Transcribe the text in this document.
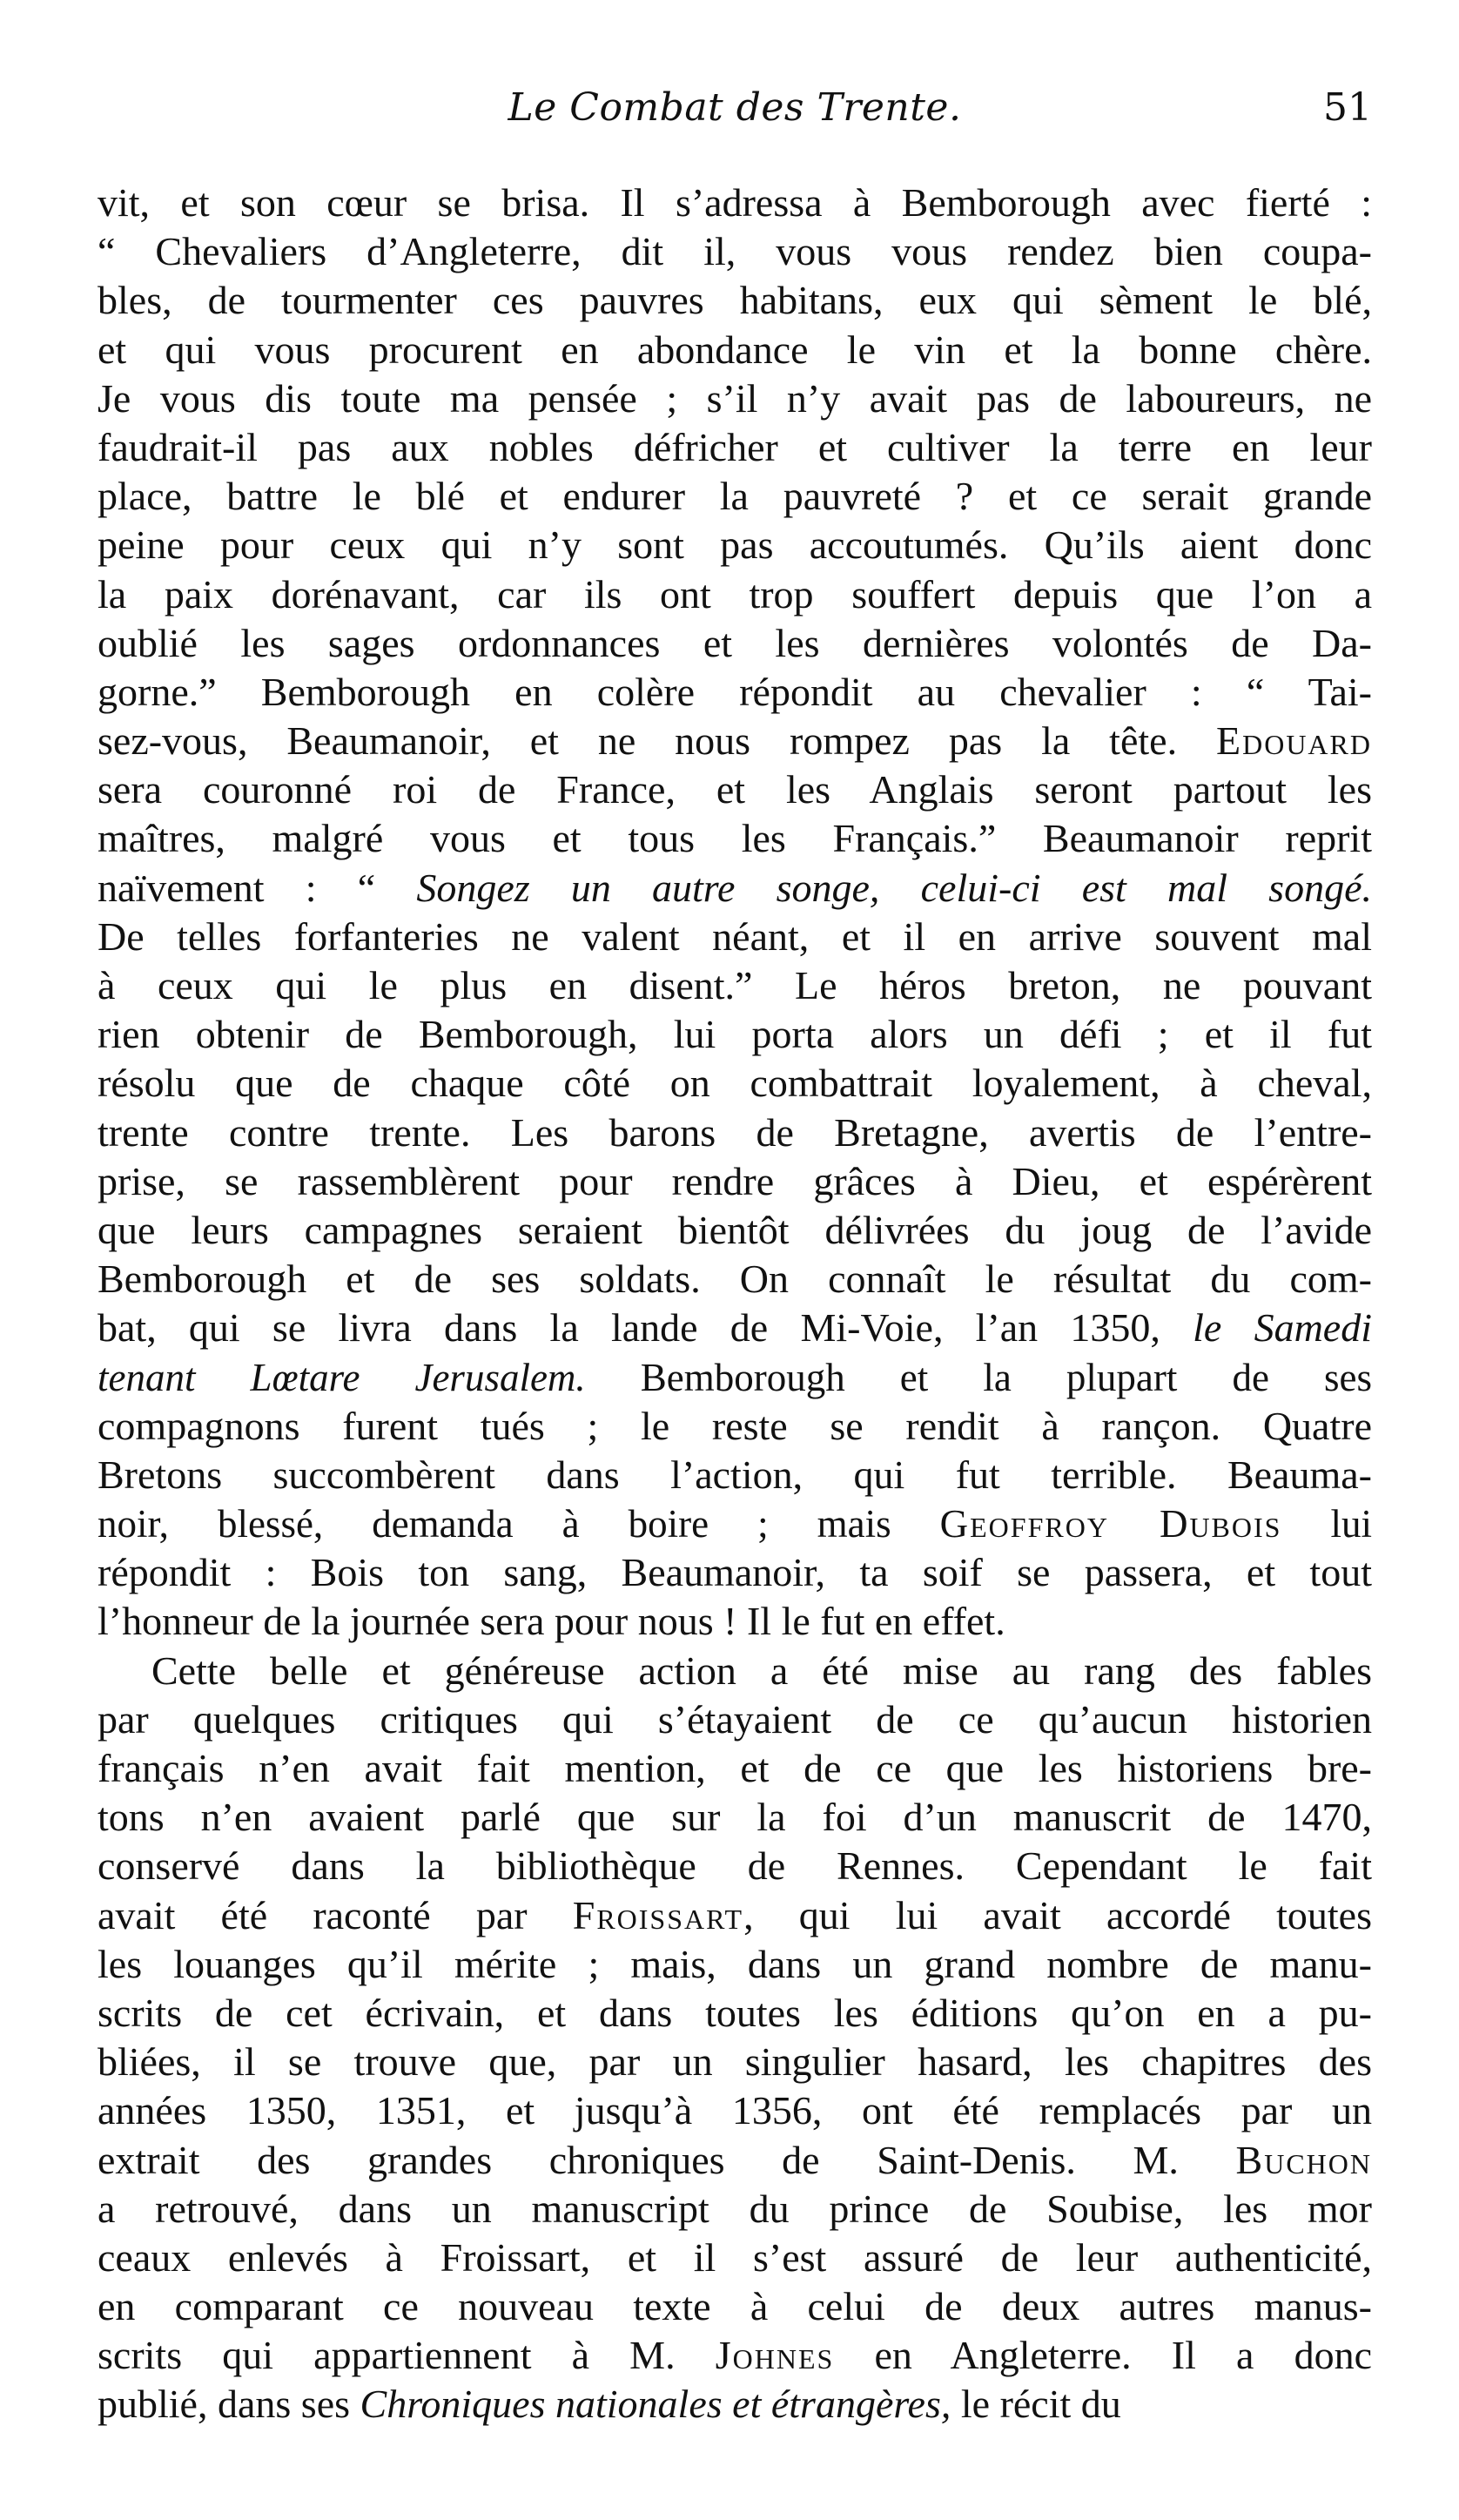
Le Combat des Trente.	51
vit, et son cœur se brisa. Il s’adressa à Bemborough avec fierté :
“ Chevaliers d’Angleterre, dit il, vous vous rendez bien coupa-
bles, de tourmenter ces pauvres habitans, eux qui sèment le blé,
et qui vous procurent en abondance le vin et la bonne chère.
Je vous dis toute ma pensée ; s’il n’y avait pas de laboureurs, ne
faudrait-il pas aux nobles défricher et cultiver la terre en leur
place, battre le blé et endurer la pauvreté ? et ce serait grande
peine pour ceux qui n’y sont pas accoutumés. Qu’ils aient donc
la paix dorénavant, car ils ont trop souffert depuis que l’on a
oublié les sages ordonnances et les dernières volontés de Da-
gorne.” Bemborough en colère répondit au chevalier : “ Tai-
sez-vous, Beaumanoir, et ne nous rompez pas la tête. Edouard
sera couronné roi de France, et les Anglais seront partout les
maîtres, malgré vous et tous les Français.” Beaumanoir reprit
naïvement : “ Songez un autre songe, celui-ci est mal songé.
De telles forfanteries ne valent néant, et il en arrive souvent mal
à ceux qui le plus en disent.” Le héros breton, ne pouvant
rien obtenir de Bemborough, lui porta alors un défi ; et il fut
résolu que de chaque côté on combattrait loyalement, à cheval,
trente contre trente. Les barons de Bretagne, avertis de l’entre-
prise, se rassemblèrent pour rendre grâces à Dieu, et espérèrent
que leurs campagnes seraient bientôt délivrées du joug de l’avide
Bemborough et de ses soldats. On connaît le résultat du com-
bat, qui se livra dans la lande de Mi-Voie, l’an 1350, le Samedi
tenant Lœtare Jerusalem. Bemborough et la plupart de ses
compagnons furent tués ; le reste se rendit à rançon. Quatre
Bretons succombèrent dans l’action, qui fut terrible. Beauma-
noir, blessé, demanda à boire ; mais Geoffroy Dubois lui
répondit : Bois ton sang, Beaumanoir, ta soif se passera, et tout
l’honneur de la journée sera pour nous ! Il le fut en effet.
Cette belle et généreuse action a été mise au rang des fables
par quelques critiques qui s’étayaient de ce qu’aucun historien
français n’en avait fait mention, et de ce que les historiens bre-
tons n’en avaient parlé que sur la foi d’un manuscrit de 1470,
conservé dans la bibliothèque de Rennes. Cependant le fait
avait été raconté par Froissart, qui lui avait accordé toutes
les louanges qu’il mérite ; mais, dans un grand nombre de manu-
scrits de cet écrivain, et dans toutes les éditions qu’on en a pu-
bliées, il se trouve que, par un singulier hasard, les chapitres des
années 1350, 1351, et jusqu’à 1356, ont été remplacés par un
extrait des grandes chroniques de Saint-Denis. M. Buchon
a retrouvé, dans un manuscript du prince de Soubise, les mor
ceaux enlevés à Froissart, et il s’est assuré de leur authenticité,
en comparant ce nouveau texte à celui de deux autres manus-
scrits qui appartiennent à M. Johnes en Angleterre. Il a donc
publié, dans ses Chroniques nationales et étrangères, le récit du
